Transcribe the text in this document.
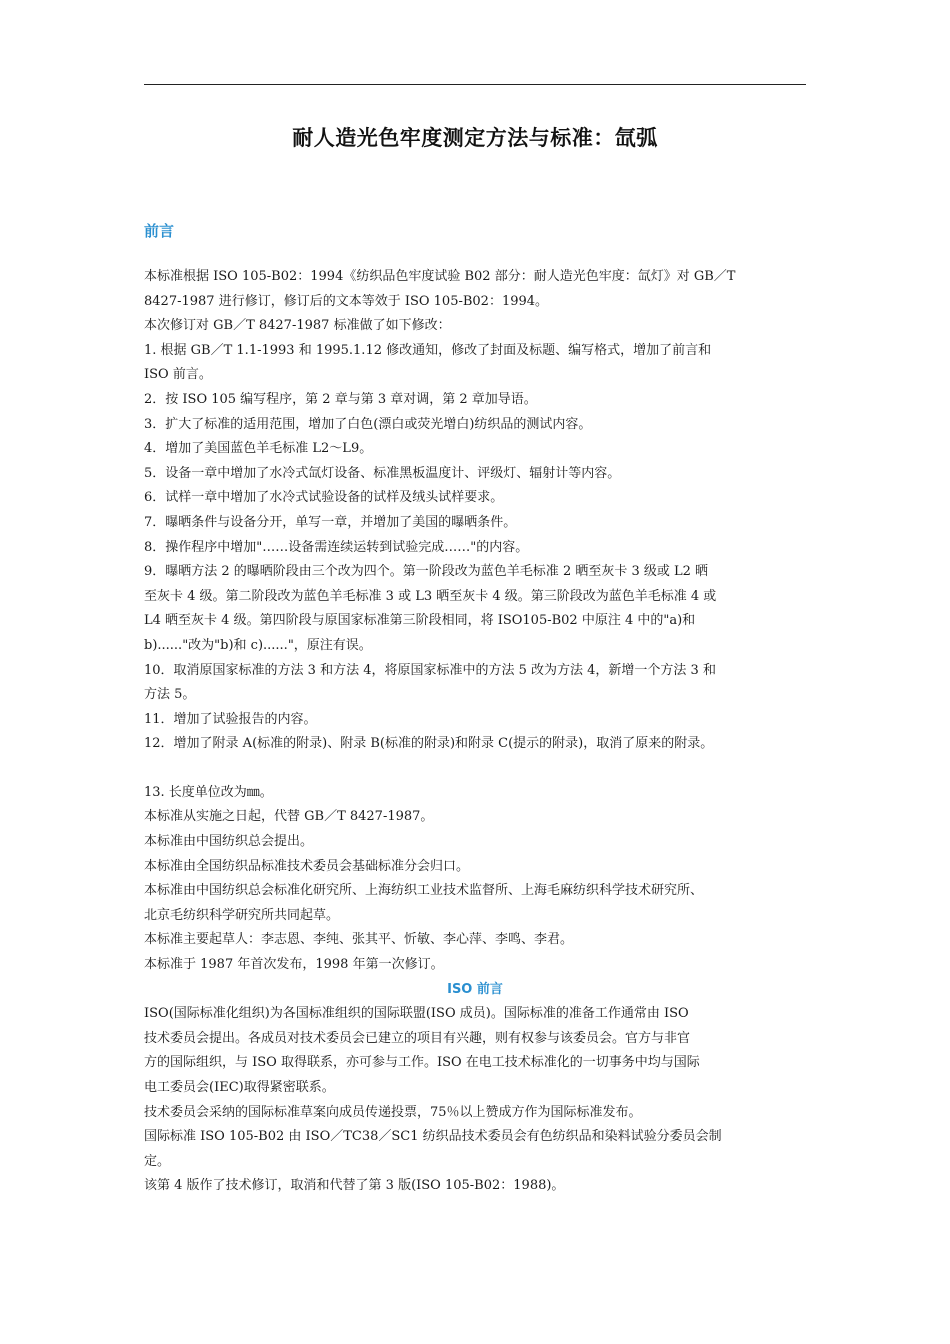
耐人造光色牢度测定方法与标准：氙弧
前言

本标准根据 ISO 105-B02：1994《纺织品色牢度试验 B02 部分：耐人造光色牢度：氙灯》对 GB／T

8427-1987 进行修订，修订后的文本等效于 ISO 105-B02：1994。

本次修订对 GB／T 8427-1987 标准做了如下修改：

1. 根据 GB／T 1.1-1993 和 1995.1.12 修改通知，修改了封面及标题、编写格式，增加了前言和

ISO 前言。

2．按 ISO 105 编写程序，第 2 章与第 3 章对调，第 2 章加导语。

3．扩大了标准的适用范围，增加了白色(漂白或荧光增白)纺织品的测试内容。

4．增加了美国蓝色羊毛标准 L2～L9。

5．设备一章中增加了水冷式氙灯设备、标准黑板温度计、评级灯、辐射计等内容。

6．试样一章中增加了水冷式试验设备的试样及绒头试样要求。

7．曝晒条件与设备分开，单写一章，并增加了美国的曝晒条件。

8．操作程序中增加"……设备需连续运转到试验完成……"的内容。

9．曝晒方法 2 的曝晒阶段由三个改为四个。第一阶段改为蓝色羊毛标准 2 晒至灰卡 3 级或 L2 晒

至灰卡 4 级。第二阶段改为蓝色羊毛标准 3 或 L3 晒至灰卡 4 级。第三阶段改为蓝色羊毛标准 4 或

L4 晒至灰卡 4 级。第四阶段与原国家标准第三阶段相同，将 ISO105-B02 中原注 4 中的"a)和

b)......"改为"b)和 c)......"，原注有误。

10．取消原国家标准的方法 3 和方法 4，将原国家标准中的方法 5 改为方法 4，新增一个方法 3 和

方法 5。

11．增加了试验报告的内容。

12．增加了附录 A(标准的附录)、附录 B(标准的附录)和附录 C(提示的附录)，取消了原来的附录。

13. 长度单位改为㎜。

本标准从实施之日起，代替 GB／T 8427-1987。

本标准由中国纺织总会提出。

本标准由全国纺织品标准技术委员会基础标准分会归口。

本标准由中国纺织总会标准化研究所、上海纺织工业技术监督所、上海毛麻纺织科学技术研究所、

北京毛纺织科学研究所共同起草。

本标准主要起草人：李志恩、李纯、张其平、忻敏、李心萍、李鸣、李君。

本标准于 1987 年首次发布，1998 年第一次修订。

ISO 前言

ISO(国际标准化组织)为各国标准组织的国际联盟(ISO 成员)。国际标准的准备工作通常由 ISO

技术委员会提出。各成员对技术委员会已建立的项目有兴趣，则有权参与该委员会。官方与非官

方的国际组织，与 ISO 取得联系，亦可参与工作。ISO 在电工技术标准化的一切事务中均与国际

电工委员会(IEC)取得紧密联系。

技术委员会采纳的国际标准草案向成员传递投票，75％以上赞成方作为国际标准发布。

国际标准 ISO 105-B02 由 ISO／TC38／SC1 纺织品技术委员会有色纺织品和染料试验分委员会制

定。

该第 4 版作了技术修订，取消和代替了第 3 版(ISO 105-B02：1988)。
